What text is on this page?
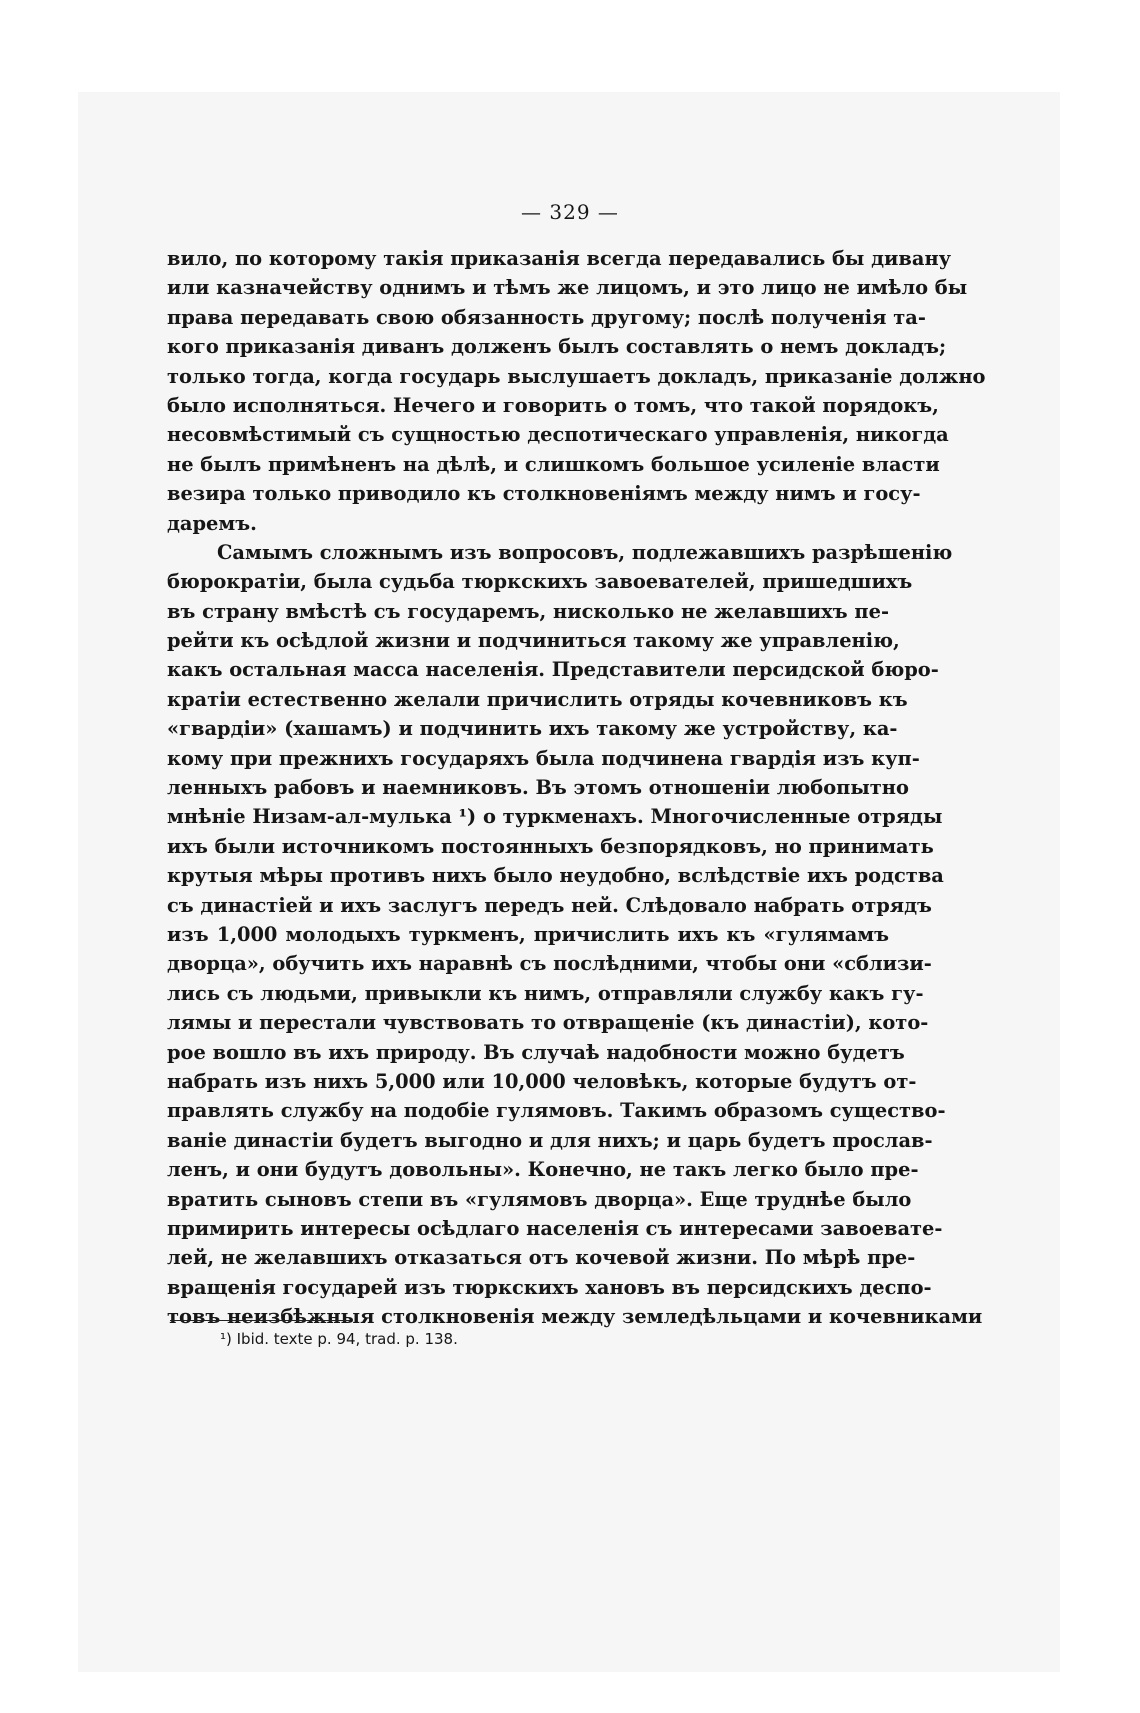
— 329 —
вило, по которому такія приказанія всегда передавались бы дивану
или казначейству однимъ и тѣмъ же лицомъ, и это лицо не имѣло бы
права передавать свою обязанность другому; послѣ полученія та-
кого приказанія диванъ долженъ былъ составлять о немъ докладъ;
только тогда, когда государь выслушаетъ докладъ, приказаніе должно
было исполняться. Нечего и говорить о томъ, что такой порядокъ,
несовмѣстимый съ сущностью деспотическаго управленія, никогда
не былъ примѣненъ на дѣлѣ, и слишкомъ большое усиленіе власти
везира только приводило къ столкновеніямъ между нимъ и госу-
даремъ.
Самымъ сложнымъ изъ вопросовъ, подлежавшихъ разрѣшенію
бюрократіи, была судьба тюркскихъ завоевателей, пришедшихъ
въ страну вмѣстѣ съ государемъ, нисколько не желавшихъ пе-
рейти къ осѣдлой жизни и подчиниться такому же управленію,
какъ остальная масса населенія. Представители персидской бюро-
кратіи естественно желали причислить отряды кочевниковъ къ
«гвардіи» (хашамъ) и подчинить ихъ такому же устройству, ка-
кому при прежнихъ государяхъ была подчинена гвардія изъ куп-
ленныхъ рабовъ и наемниковъ. Въ этомъ отношеніи любопытно
мнѣніе Низам-ал-мулька ¹) о туркменахъ. Многочисленные отряды
ихъ были источникомъ постоянныхъ безпорядковъ, но принимать
крутыя мѣры противъ нихъ было неудобно, вслѣдствіе ихъ родства
съ династіей и ихъ заслугъ передъ ней. Слѣдовало набрать отрядъ
изъ 1,000 молодыхъ туркменъ, причислить ихъ къ «гулямамъ
дворца», обучить ихъ наравнѣ съ послѣдними, чтобы они «сблизи-
лись съ людьми, привыкли къ нимъ, отправляли службу какъ гу-
лямы и перестали чувствовать то отвращеніе (къ династіи), кото-
рое вошло въ ихъ природу. Въ случаѣ надобности можно будетъ
набрать изъ нихъ 5,000 или 10,000 человѣкъ, которые будутъ от-
правлять службу на подобіе гулямовъ. Такимъ образомъ существо-
ваніе династіи будетъ выгодно и для нихъ; и царь будетъ прослав-
ленъ, и они будутъ довольны». Конечно, не такъ легко было пре-
вратить сыновъ степи въ «гулямовъ дворца». Еще труднѣе было
примирить интересы осѣдлаго населенія съ интересами завоевате-
лей, не желавшихъ отказаться отъ кочевой жизни. По мѣрѣ пре-
вращенія государей изъ тюркскихъ хановъ въ персидскихъ деспо-
товъ неизбѣжныя столкновенія между земледѣльцами и кочевниками
¹) Ibid. texte p. 94, trad. p. 138.
